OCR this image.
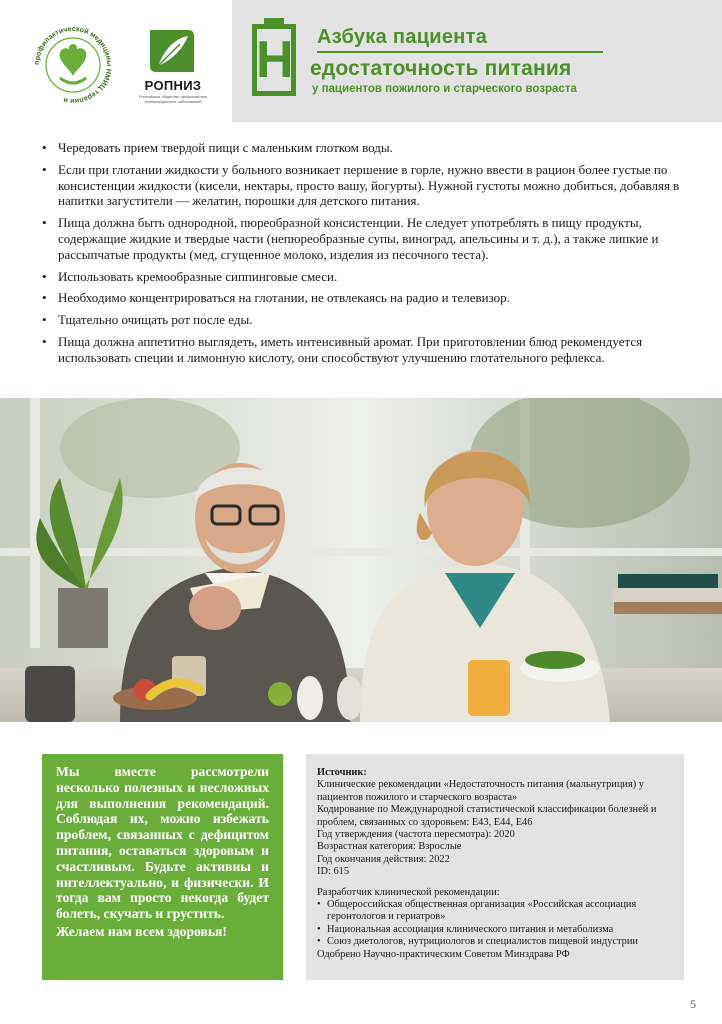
профилактической медицины НМИЦ терапии и
РОПНИЗ
Российское общество профилактики неинфекционных заболеваний
Н Азбука пациента
едостаточность питания
у пациентов пожилого и старческого возраста
• Чередовать прием твердой пищи с маленьким глотком воды.
• Если при глотании жидкости у больного возникает першение в горле, нужно ввести в рацион более густые по консистенции жидкости (кисели, нектары, просто вашу, йогурты). Нужной густоты можно добиться, добавляя в напитки загустители — желатин, порошки для детского питания.
• Пища должна быть однородной, пюреобразной консистенции. Не следует употреблять в пищу продукты, содержащие жидкие и твердые части (непюреобразные супы, виноград, апельсины и т. д.), а также липкие и рассыпчатые продукты (мед, сгущенное молоко, изделия из песочного теста).
• Использовать кремообразные сиппинговые смеси.
• Необходимо концентрироваться на глотании, не отвлекаясь на радио и телевизор.
• Тщательно очищать рот после еды.
• Пища должна аппетитно выглядеть, иметь интенсивный аромат. При приготовлении блюд рекомендуется использовать специи и лимонную кислоту, они способствуют улучшению глотательного рефлекса.

Мы вместе рассмотрели несколько полезных и несложных для выполнения рекомендаций. Соблюдая их, можно избежать проблем, связанных с дефицитом питания, оставаться здоровым и счастливым. Будьте активны и интеллектуально, и физически. И тогда вам просто некогда будет болеть, скучать и грустить.

Желаем нам всем здоровья!

Источник:

Клинические рекомендации «Недостаточность питания (мальнутриция) у пациентов пожилого и старческого возраста»

Кодирование по Международной статистической классификации болезней и проблем, связанных со здоровьем: E43, E44, E46

Год утверждения (частота пересмотра): 2020

Возрастная категория: Взрослые

Год окончания действия: 2022

ID: 615

Разработчик клинической рекомендации:

• Общероссийская общественная организация «Российская ассоциация геронтологов и гериатров»
• Национальная ассоциация клинического питания и метаболизма
• Союз диетологов, нутрициологов и специалистов пищевой индустрии

Одобрено Научно-практическим Советом Минздрава РФ

5
